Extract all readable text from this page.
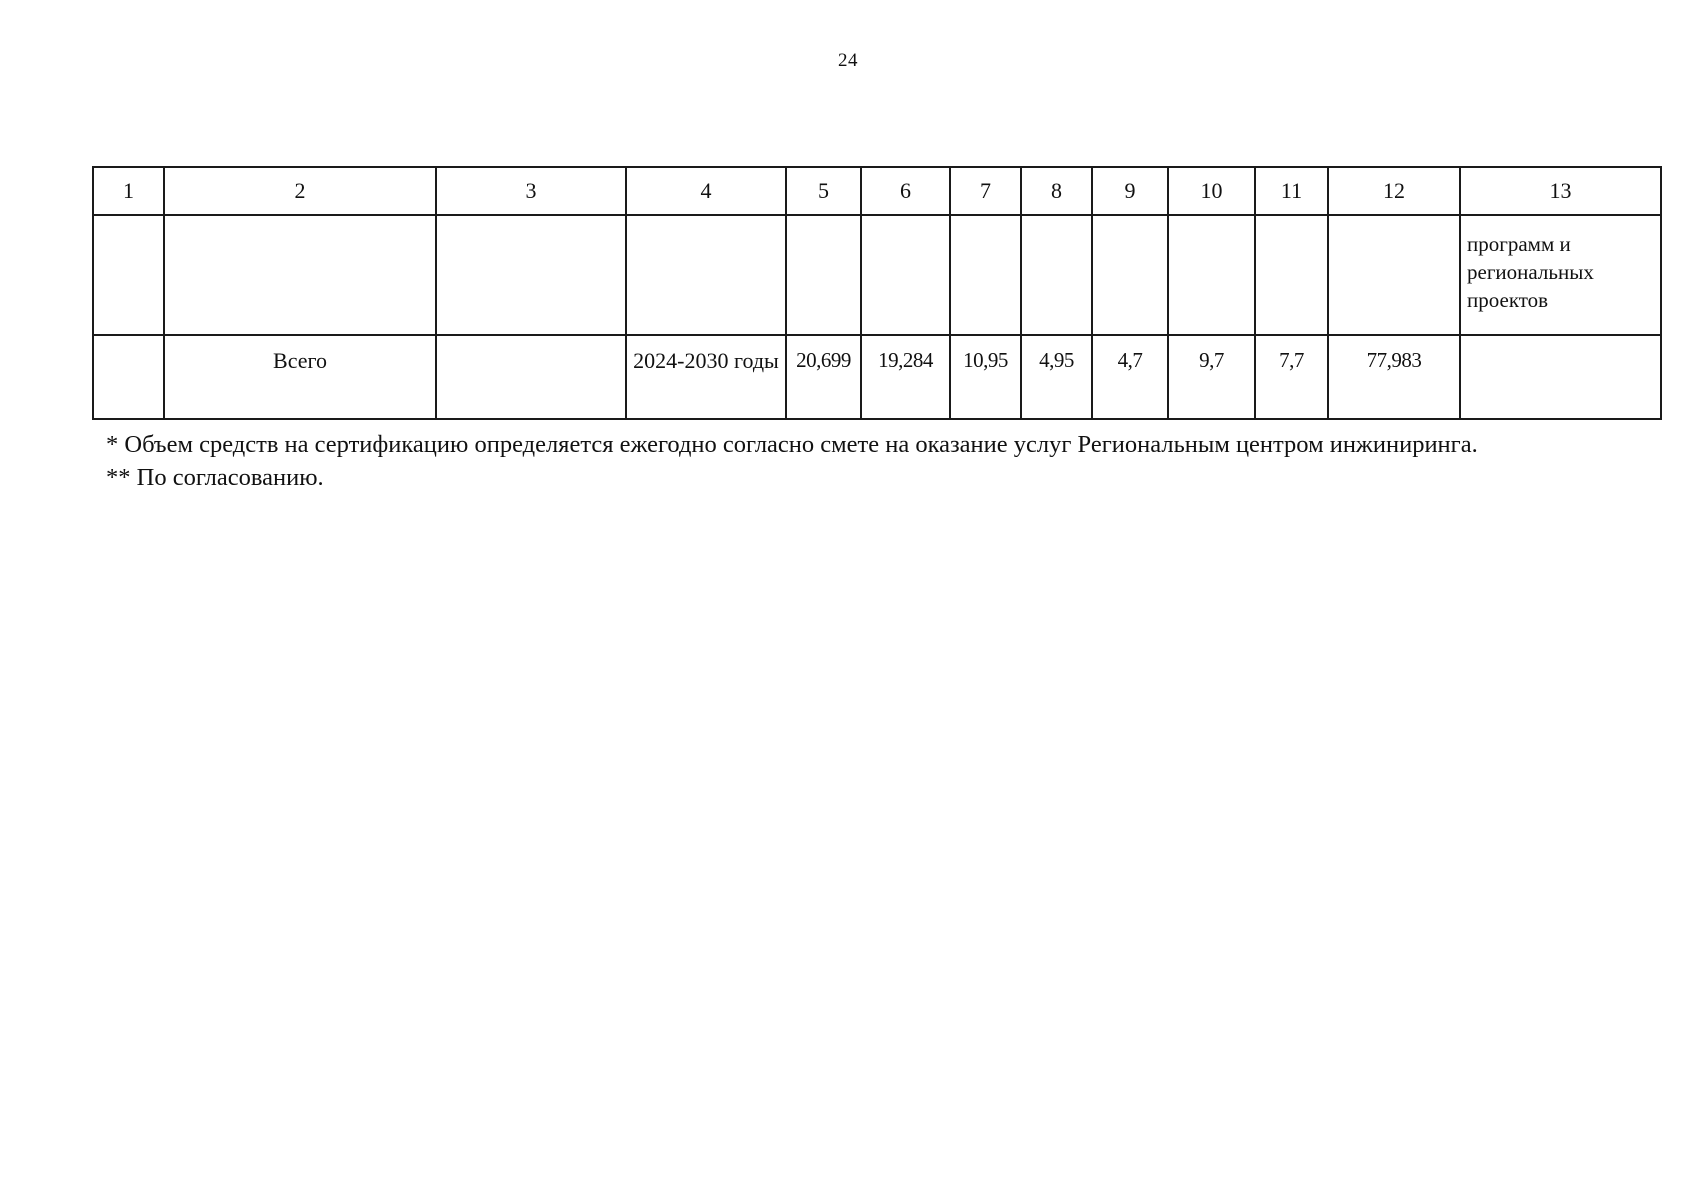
24
1	2	3	4	5	6	7	8	9	10	11	12	13
												программ и региональных проектов
	Всего		2024-2030 годы	20,699	19,284	10,95	4,95	4,7	9,7	7,7	77,983	

* Объем средств на сертификацию определяется ежегодно согласно смете на оказание услуг Региональным центром инжиниринга.

** По согласованию.
